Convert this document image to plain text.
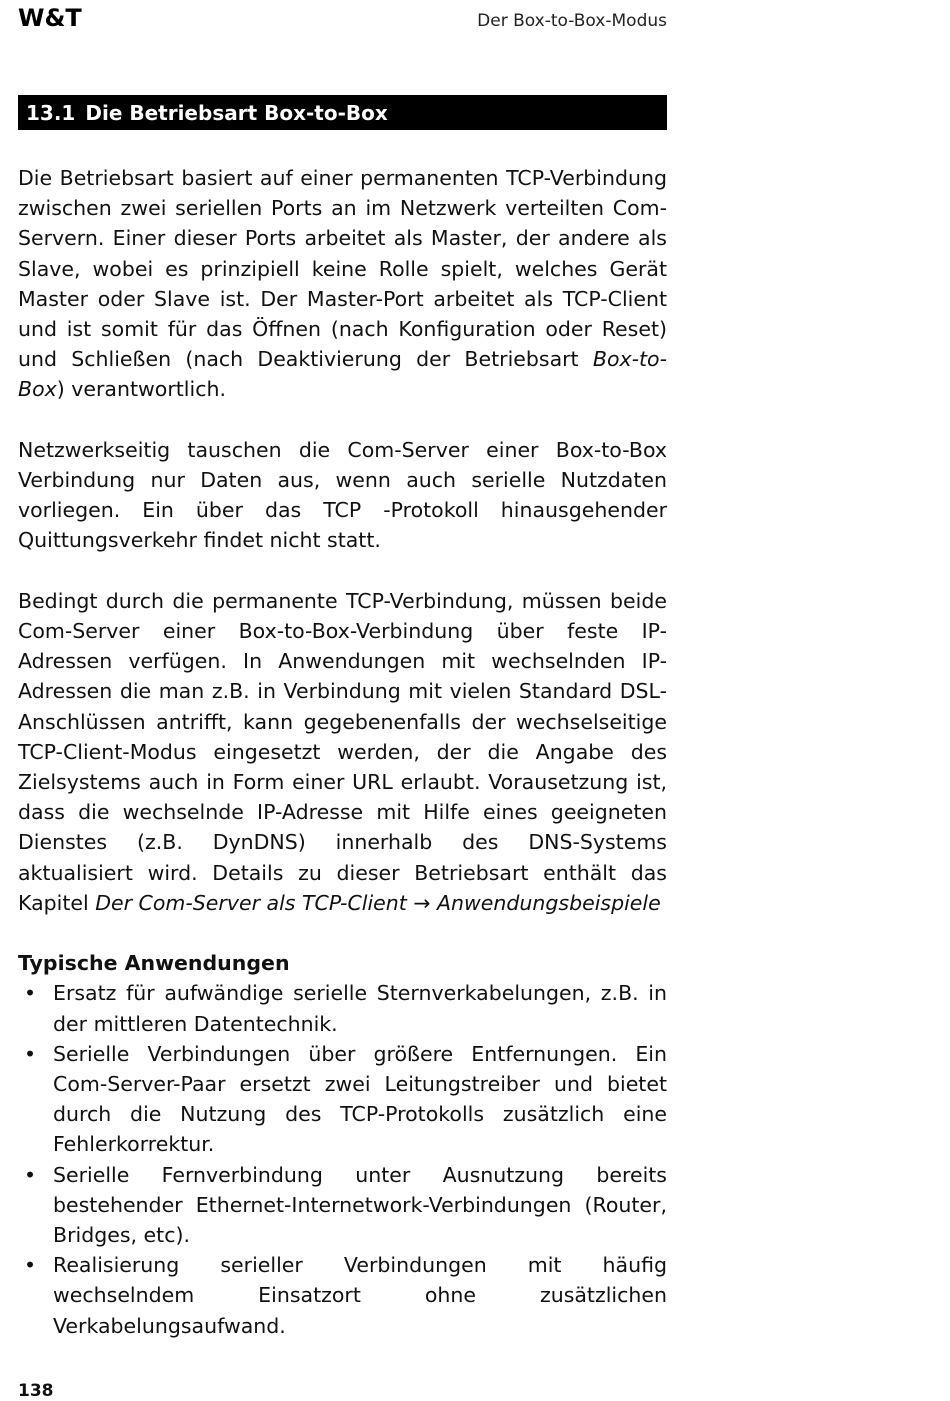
W&T	Der Box-to-Box-Modus
13.1 Die Betriebsart Box-to-Box

Die Betriebsart basiert auf einer permanenten TCP-Verbindung zwischen zwei seriellen Ports an im Netzwerk verteilten Com-Servern. Einer dieser Ports arbeitet als Master, der andere als Slave, wobei es prinzipiell keine Rolle spielt, welches Gerät Master oder Slave ist. Der Master-Port arbeitet als TCP-Client und ist somit für das Öffnen (nach Konfiguration oder Reset) und Schließen (nach Deaktivierung der Betriebsart Box-to-Box) verantwortlich.

Netzwerkseitig tauschen die Com-Server einer Box-to-Box Verbindung nur Daten aus, wenn auch serielle Nutzdaten vorliegen. Ein über das TCP -Protokoll hinausgehender Quittungsverkehr findet nicht statt.

Bedingt durch die permanente TCP-Verbindung, müssen beide Com-Server einer Box-to-Box-Verbindung über feste IP-Adressen verfügen. In Anwendungen mit wechselnden IP-Adressen die man z.B. in Verbindung mit vielen Standard DSL-Anschlüssen antrifft, kann gegebenenfalls der wechselseitige TCP-Client-Modus eingesetzt werden, der die Angabe des Zielsystems auch in Form einer URL erlaubt. Vorausetzung ist, dass die wechselnde IP-Adresse mit Hilfe eines geeigneten Dienstes (z.B. DynDNS) innerhalb des DNS-Systems aktualisiert wird. Details zu dieser Betriebsart enthält das Kapitel Der Com-Server als TCP-Client → Anwendungsbeispiele

Typische Anwendungen
• Ersatz für aufwändige serielle Sternverkabelungen, z.B. in der mittleren Datentechnik.
• Serielle Verbindungen über größere Entfernungen. Ein Com-Server-Paar ersetzt zwei Leitungstreiber und bietet durch die Nutzung des TCP-Protokolls zusätzlich eine Fehlerkorrektur.
• Serielle Fernverbindung unter Ausnutzung bereits bestehender Ethernet-Internetwork-Verbindungen (Router, Bridges, etc).
• Realisierung serieller Verbindungen mit häufig wechselndem Einsatzort ohne zusätzlichen Verkabelungsaufwand.
138
